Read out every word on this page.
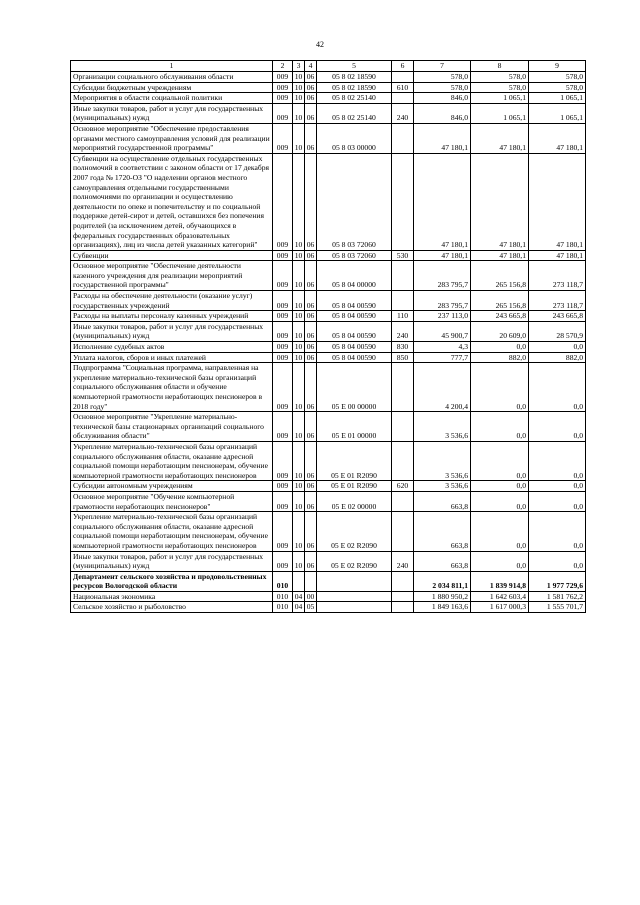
42
1	2	3	4	5	6	7	8	9
Организации социального обслуживания области	009	10	06	05 8 02 18590		578,0	578,0	578,0
Субсидии бюджетным учреждениям	009	10	06	05 8 02 18590	610	578,0	578,0	578,0
Мероприятия в области социальной политики	009	10	06	05 8 02 25140		846,0	1 065,1	1 065,1
Иные закупки товаров, работ и услуг для государственных (муниципальных) нужд	009	10	06	05 8 02 25140	240	846,0	1 065,1	1 065,1
Основное мероприятие "Обеспечение предоставления органами местного самоуправления условий для реализации мероприятий государственной программы"	009	10	06	05 8 03 00000		47 180,1	47 180,1	47 180,1
Субвенции на осуществление отдельных государственных полномочий в соответствии с законом области от 17 декабря 2007 года № 1720-ОЗ "О наделении органов местного самоуправления отдельными государственными полномочиями по организации и осуществлению деятельности по опеке и попечительству и по социальной поддержке детей-сирот и детей, оставшихся без попечения родителей (за исключением детей, обучающихся в федеральных государственных образовательных организациях), лиц из числа детей указанных категорий"	009	10	06	05 8 03 72060		47 180,1	47 180,1	47 180,1
Субвенции	009	10	06	05 8 03 72060	530	47 180,1	47 180,1	47 180,1
Основное мероприятие "Обеспечение деятельности казенного учреждения для реализации мероприятий государственной программы"	009	10	06	05 8 04 00000		283 795,7	265 156,8	273 118,7
Расходы на обеспечение деятельности (оказание услуг) государственных учреждений	009	10	06	05 8 04 00590		283 795,7	265 156,8	273 118,7
Расходы на выплаты персоналу казенных учреждений	009	10	06	05 8 04 00590	110	237 113,0	243 665,8	243 665,8
Иные закупки товаров, работ и услуг для государственных (муниципальных) нужд	009	10	06	05 8 04 00590	240	45 900,7	20 609,0	28 570,9
Исполнение судебных актов	009	10	06	05 8 04 00590	830	4,3	0,0	0,0
Уплата налогов, сборов и иных платежей	009	10	06	05 8 04 00590	850	777,7	882,0	882,0
Подпрограмма "Социальная программа, направленная на укрепление материально-технической базы организаций социального обслуживания области и обучение компьютерной грамотности неработающих пенсионеров в 2018 году"	009	10	06	05 E 00 00000		4 200,4	0,0	0,0
Основное мероприятие "Укрепление материально-технической базы стационарных организаций социального обслуживания области"	009	10	06	05 E 01 00000		3 536,6	0,0	0,0
Укрепление материально-технической базы организаций социального обслуживания области, оказание адресной социальной помощи неработающим пенсионерам, обучение компьютерной грамотности неработающих пенсионеров	009	10	06	05 E 01 R2090		3 536,6	0,0	0,0
Субсидии автономным учреждениям	009	10	06	05 E 01 R2090	620	3 536,6	0,0	0,0
Основное мероприятие "Обучение компьютерной грамотности неработающих пенсионеров"	009	10	06	05 E 02 00000		663,8	0,0	0,0
Укрепление материально-технической базы организаций социального обслуживания области, оказание адресной социальной помощи неработающим пенсионерам, обучение компьютерной грамотности неработающих пенсионеров	009	10	06	05 E 02 R2090		663,8	0,0	0,0
Иные закупки товаров, работ и услуг для государственных (муниципальных) нужд	009	10	06	05 E 02 R2090	240	663,8	0,0	0,0
Департамент сельского хозяйства и продовольственных ресурсов Вологодской области	010					2 034 811,1	1 839 914,8	1 977 729,6
Национальная экономика	010	04	00			1 880 950,2	1 642 603,4	1 581 762,2
Сельское хозяйство и рыболовство	010	04	05			1 849 163,6	1 617 000,3	1 555 701,7
